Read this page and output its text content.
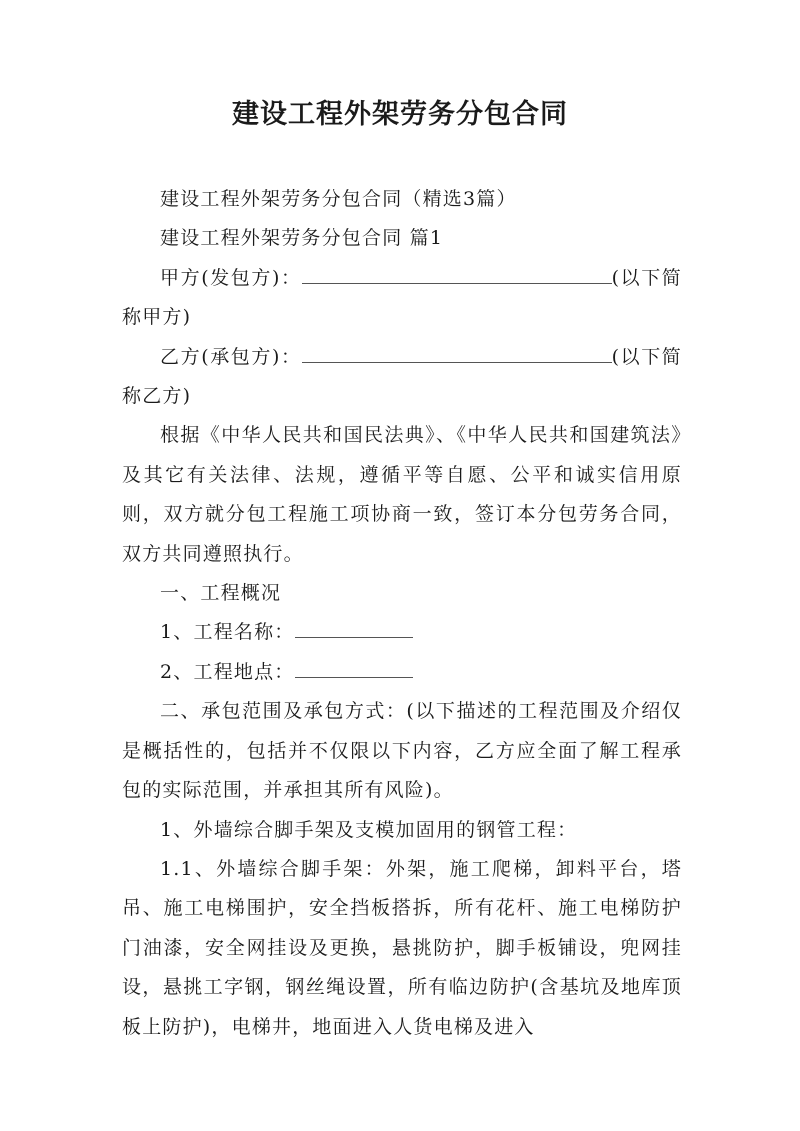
建设工程外架劳务分包合同

建设工程外架劳务分包合同（精选3篇）

建设工程外架劳务分包合同 篇1

甲方(发包方)：	(以下简称甲方)

乙方(承包方)：	(以下简称乙方)

根据《中华人民共和国民法典》、《中华人民共和国建筑法》及其它有关法律、法规，遵循平等自愿、公平和诚实信用原则，双方就分包工程施工项协商一致，签订本分包劳务合同，双方共同遵照执行。

一、工程概况

1、工程名称：

2、工程地点：

二、承包范围及承包方式：(以下描述的工程范围及介绍仅是概括性的，包括并不仅限以下内容，乙方应全面了解工程承包的实际范围，并承担其所有风险)。

1、外墙综合脚手架及支模加固用的钢管工程：

1.1、外墙综合脚手架：外架，施工爬梯，卸料平台，塔吊、施工电梯围护，安全挡板搭拆，所有花杆、施工电梯防护门油漆，安全网挂设及更换，悬挑防护，脚手板铺设，兜网挂设，悬挑工字钢，钢丝绳设置，所有临边防护(含基坑及地库顶板上防护)，电梯井，地面进入人货电梯及进入
